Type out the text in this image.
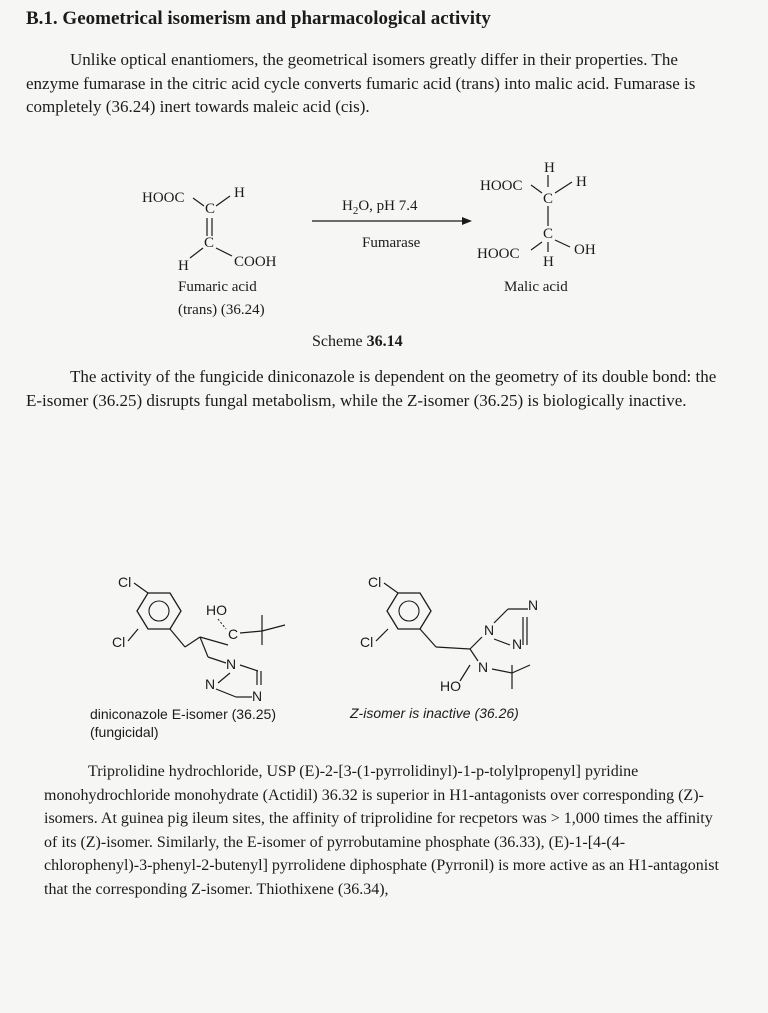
B.1. Geometrical isomerism and pharmacological activity
Unlike optical enantiomers, the geometrical isomers greatly differ in their properties. The enzyme fumarase in the citric acid cycle converts fumaric acid (trans) into malic acid. Fumarase is completely (36.24) inert towards maleic acid (cis).
HOOC	H
C
C
H	COOH
Fumaric acid
(trans) (36.24)
$H_2O$, pH 7.4
Fumarase
H
HOOC	H
C
C
OH
HOOC H
Malic acid
Scheme 36.14
The activity of the fungicide diniconazole is dependent on the geometry of its double bond: the E-isomer (36.25) disrupts fungal metabolism, while the Z-isomer (36.25) is biologically inactive.
Cl
Cl
HO
C
N
N
N
Cl
Cl
N
N
N
N
HO
diniconazole E-isomer (36.25)
(fungicidal)
Z-isomer is inactive (36.26)
Triprolidine hydrochloride, USP (E)-2-[3-(1-pyrrolidinyl)-1-p-tolylpropenyl] pyridine monohydrochloride monohydrate (Actidil) 36.32 is superior in H1-antagonists over corresponding (Z)-isomers. At guinea pig ileum sites, the affinity of triprolidine for recpetors was > 1,000 times the affinity of its (Z)-isomer. Similarly, the E-isomer of pyrrobutamine phosphate (36.33), (E)-1-[4-(4-chlorophenyl)-3-phenyl-2-butenyl] pyrrolidene diphosphate (Pyrronil) is more active as an H1-antagonist that the corresponding Z-isomer. Thiothixene (36.34),
